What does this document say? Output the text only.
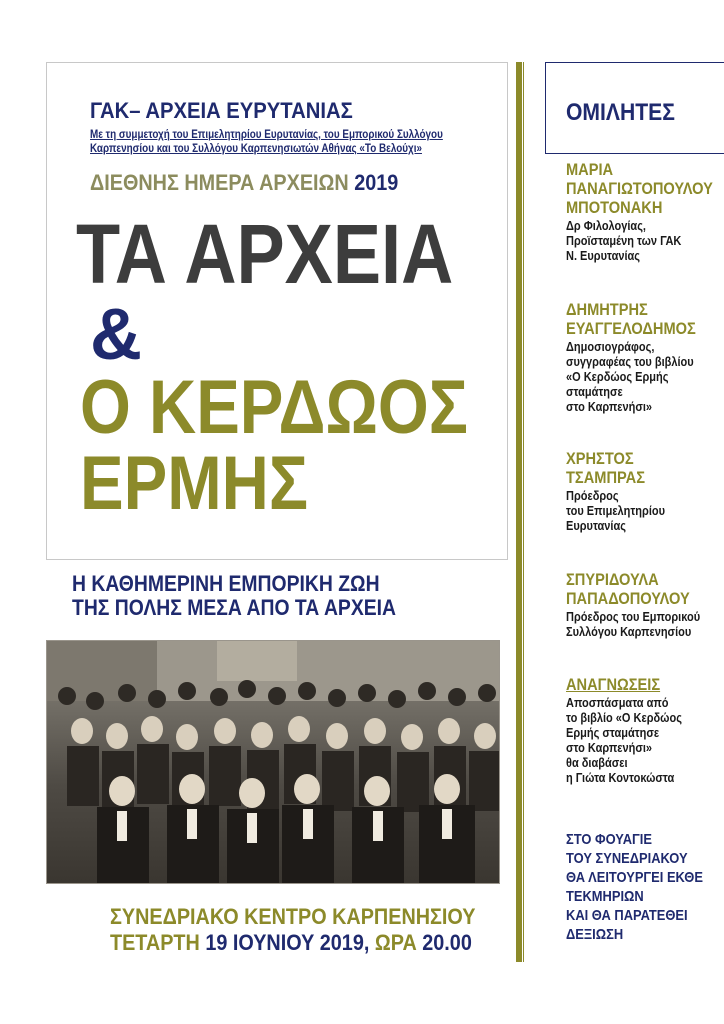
ΓΑΚ– ΑΡΧΕΙΑ ΕΥΡΥΤΑΝΙΑΣ
Με τη συμμετοχή του Επιμελητηρίου Ευρυτανίας, του Εμπορικού Συλλόγου
Καρπενησίου και του Συλλόγου Καρπενησιωτών Αθήνας «Το Βελούχι»
ΔΙΕΘΝΗΣ ΗΜΕΡΑ ΑΡΧΕΙΩΝ 2019
ΤΑ ΑΡΧΕΙΑ
&
Ο ΚΕΡΔΩΟΣ
ΕΡΜΗΣ
Η ΚΑΘΗΜΕΡΙΝΗ ΕΜΠΟΡΙΚΗ ΖΩΗ
ΤΗΣ ΠΟΛΗΣ ΜΕΣΑ ΑΠΟ ΤΑ ΑΡΧΕΙΑ
ΣΥΝΕΔΡΙΑΚΟ ΚΕΝΤΡΟ ΚΑΡΠΕΝΗΣΙΟΥ
ΤΕΤΑΡΤΗ 19 ΙΟΥΝΙΟΥ 2019, ΩΡΑ 20.00
ΟΜΙΛΗΤΕΣ
ΜΑΡΙΑ
ΠΑΝΑΓΙΩΤΟΠΟΥΛΟΥ
ΜΠΟΤΟΝΑΚΗ
Δρ Φιλολογίας,
Προϊσταμένη των ΓΑΚ
Ν. Ευρυτανίας
ΔΗΜΗΤΡΗΣ
ΕΥΑΓΓΕΛΟΔΗΜΟΣ
Δημοσιογράφος,
συγγραφέας του βιβλίου
«Ο Κερδώος Ερμής
σταμάτησε
στο Καρπενήσι»
ΧΡΗΣΤΟΣ
ΤΣΑΜΠΡΑΣ
Πρόεδρος
του Επιμελητηρίου
Ευρυτανίας
ΣΠΥΡΙΔΟΥΛΑ
ΠΑΠΑΔΟΠΟΥΛΟΥ
Πρόεδρος του Εμπορικού
Συλλόγου Καρπενησίου
ΑΝΑΓΝΩΣΕΙΣ
Αποσπάσματα από
το βιβλίο «Ο Κερδώος
Ερμής σταμάτησε
στο Καρπενήσι»
θα διαβάσει
η Γιώτα Κοντοκώστα
ΣΤΟ ΦΟΥΑΓΙΕ
ΤΟΥ ΣΥΝΕΔΡΙΑΚΟΥ
ΘΑ ΛΕΙΤΟΥΡΓΕΙ ΕΚΘΕ
ΤΕΚΜΗΡΙΩΝ
ΚΑΙ ΘΑ ΠΑΡΑΤΕΘΕΙ
ΔΕΞΙΩΣΗ
